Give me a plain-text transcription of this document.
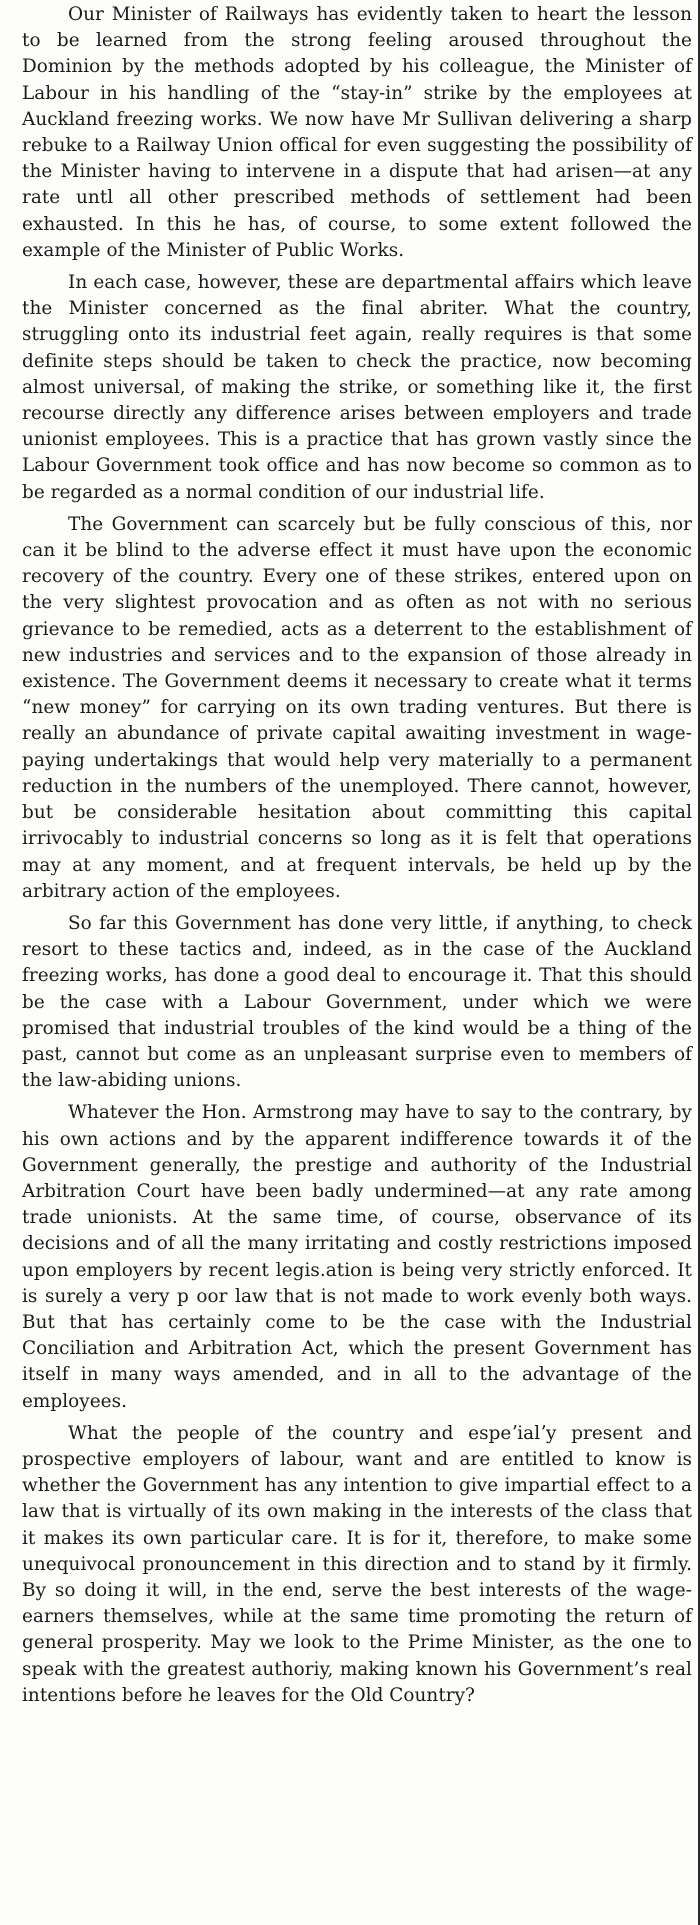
Our Minister of Railways has evidently taken to heart the lesson to be learned from the strong feeling aroused throughout the Dominion by the methods adopted by his colleague, the Minister of Labour in his handling of the “stay-in” strike by the employees at Auckland freezing works. We now have Mr Sullivan delivering a sharp rebuke to a Railway Union offical for even suggesting the possibility of the Minister having to intervene in a dispute that had arisen—at any rate untl all other prescribed methods of settlement had been exhausted. In this he has, of course, to some extent followed the example of the Minister of Public Works.

In each case, however, these are departmental affairs which leave the Minister concerned as the final abriter. What the country, struggling onto its industrial feet again, really requires is that some definite steps should be taken to check the practice, now becoming almost universal, of making the strike, or something like it, the first recourse directly any difference arises between employers and trade unionist employees. This is a practice that has grown vastly since the Labour Government took office and has now become so common as to be regarded as a normal condition of our industrial life.

The Government can scarcely but be fully conscious of this, nor can it be blind to the adverse effect it must have upon the economic recovery of the country. Every one of these strikes, entered upon on the very slightest provocation and as often as not with no serious grievance to be remedied, acts as a deterrent to the establishment of new industries and services and to the expansion of those already in existence. The Government deems it necessary to create what it terms “new money” for carrying on its own trading ventures. But there is really an abundance of private capital awaiting investment in wage-paying undertakings that would help very materially to a permanent reduction in the numbers of the unemployed. There cannot, however, but be considerable hesitation about committing this capital irrivocably to industrial concerns so long as it is felt that operations may at any moment, and at frequent intervals, be held up by the arbitrary action of the employees.

So far this Government has done very little, if anything, to check resort to these tactics and, indeed, as in the case of the Auckland freezing works, has done a good deal to encourage it. That this should be the case with a Labour Government, under which we were promised that industrial troubles of the kind would be a thing of the past, cannot but come as an unpleasant surprise even to members of the law-abiding unions.

Whatever the Hon. Armstrong may have to say to the contrary, by his own actions and by the apparent indifference towards it of the Government generally, the prestige and authority of the Industrial Arbitration Court have been badly undermined—at any rate among trade unionists. At the same time, of course, observance of its decisions and of all the many irritating and costly restrictions imposed upon employers by recent legis.ation is being very strictly enforced. It is surely a very p oor law that is not made to work evenly both ways. But that has certainly come to be the case with the Industrial Conciliation and Arbitration Act, which the present Government has itself in many ways amended, and in all to the advantage of the employees.

What the people of the country and espeʼialʼy present and prospective employers of labour, want and are entitled to know is whether the Government has any intention to give impartial effect to a law that is virtually of its own making in the interests of the class that it makes its own particular care. It is for it, therefore, to make some unequivocal pronouncement in this direction and to stand by it firmly. By so doing it will, in the end, serve the best interests of the wage-earners themselves, while at the same time promoting the return of general prosperity. May we look to the Prime Minister, as the one to speak with the greatest authoriy, making known his Government’s real intentions before he leaves for the Old Country?
